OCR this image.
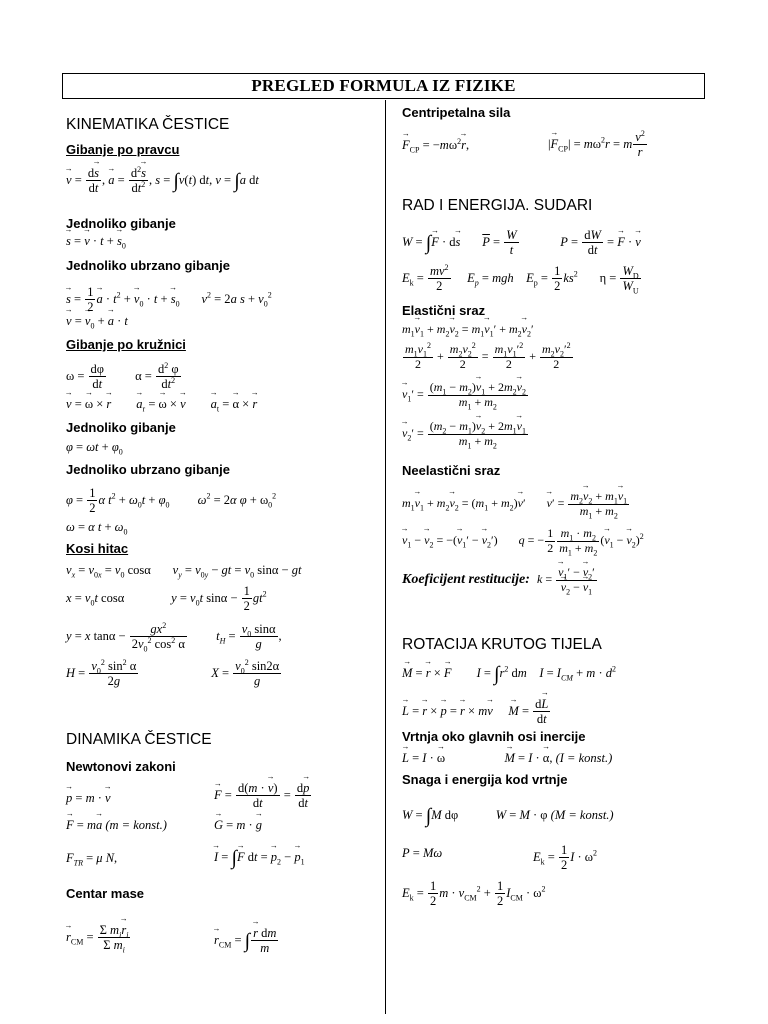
PREGLED FORMULA IZ FIZIKE
KINEMATIKA ČESTICE
Gibanje po pravcu
→ $v = \frac{d\to s}{dt}$ , → $a = \frac{d^2\to s}{dt^2}$ , s = ∫v(t) dt, v = ∫a dt
Jednoliko gibanje
→ s = → v · t + → $s_0$
Jednoliko ubrzano gibanje
→ $s = \frac{1}{2} \to a \cdot t^2$ + → $v_0 \cdot t$ + → $s_0$ $v^2 = 2a$ $s + v_0^2$
→ v = → $v_0$ + → a · t
Gibanje po kružnici
$\omega = \frac{d\varphi}{dt}$ $\alpha = \frac{d^2 \varphi}{dt^2}$
→ v = → ω × → $r \to a_r$ = → ω × → $v \to a_t$ = → α × → r
Jednoliko gibanje
$\varphi = \omega t + \varphi_0$
Jednoliko ubrzano gibanje
$\varphi = \frac{1}{2}$ α $t^2 + \omega_0t + \varphi_0$ $\omega^2 = 2\alpha$ $\varphi + \omega_0^2$
ω = α $t + \omega_0$
Kosi hitac
$v_x = v_{0x} = v_0$ cosα       $v_y = v_{0y}$ − gt = $v_0$ sinα − gt
$x = v_0t$ cosα               $y = v_0t$ $\sin\alpha - \frac{1}{2} gt^2$
y = x $\tan\alpha - \frac{gx^2}{2v_0^2 \cos^2 \alpha} t_H = \frac{v_0 \sin\alpha}{g}$ ,
$H = \frac{v_0^2 \sin^2 \alpha}{2g}$	$X = \frac{v_0^2 \sin 2\alpha}{g}$
DINAMIKA ČESTICE
Newtonovi zakoni
→ p = m · → v	→ $F = \frac{d(m \cdot \to v)}{dt} = \frac{d\to p}{dt}$
→ F = m→ a (m = konst.)	→ G = m · → g
$F_{TR} = \mu$ N,	→ I = ∫→ F dt = → $p_2$ − → $p_1$
Centar mase
→ $r_{CM} = \Sigma$ $m_i\to r_i$
Σ $m_i$
→ $r_{CM}$ = ∫ → $\frac{\text{r dm}}{m}$
Centripetalna sila
→ $F_{CP} = -m\omega^2\to r$,	|→ $F_{CP}| = m\omega^2r = m \frac{v^2}{r}$
RAD I ENERGIJA. SUDARI
W = ∫→ F · d→ s $\overline{P} = \frac{W}{t}$	$P = \frac{dW}{dt}$ = → F · → v
$E_k = \frac{mv^2}{2} E_p$ = mgh $E_p = \frac{1}{2} ks^2$       $\eta = \frac{W_D}{W_U}$
Elastični sraz
$m_1\to v_1 + m_2\to v_2 = m_1\to v_1' + m_2\to v_2'$
$\frac{m_1v_1^2}{2} + \frac{m_2v_2^2}{2} = \frac{m_1v_1'^2}{2} + \frac{m_2v_2'^2}{2}$
→ $v_1' = \frac{(m_1 - m_2)\to v_1 + 2m_2\to v_2}{m_1 + m_2}$
→ $v_2' = \frac{(m_2 - m_1)\to v_2 + 2m_1\to v_1}{m_1 + m_2}$
Neelastični sraz
$m_1\to v_1 + m_2\to v_2 = (m_1 + m_2)\to v'$       → $v' = \frac{m_2\to v_2 + m_1\to v_1}{m_1 + m_2}$
→ $v_1$ − → $v_2$ = −(→ $v_1'$ − → $v_2'$)       q = − $\frac{1}{2} \frac{m_1 \cdot m_2}{m_1 + m_2}$ (→ $v_1$ − → $v_2)^2$
Koeficijent restitucije: k = → $v_1'$ − → $v_2'$
→ $v_2$ − → $v_1$
ROTACIJA KRUTOG TIJELA
→ M = → r × → F $I = \int r^2$ dm $I = I_{CM} + m \cdot d^2$
→ L = → r × → p = → $r \times m\to v \to M = \frac{d\to L}{dt}$
Vrtnja oko glavnih osi inercije
→ L = I · → ω	→ M = I · → α, (I = konst.)
Snaga i energija kod vrtnje
W = ∫M dφ            W = M · φ (M = konst.)
P = Mω	$E_k = \frac{1}{2}$ $I \cdot \omega^2$
$E_k = \frac{1}{2}$ $m \cdot v_{CM}^2 + \frac{1}{2} I_{CM} \cdot \omega^2$
